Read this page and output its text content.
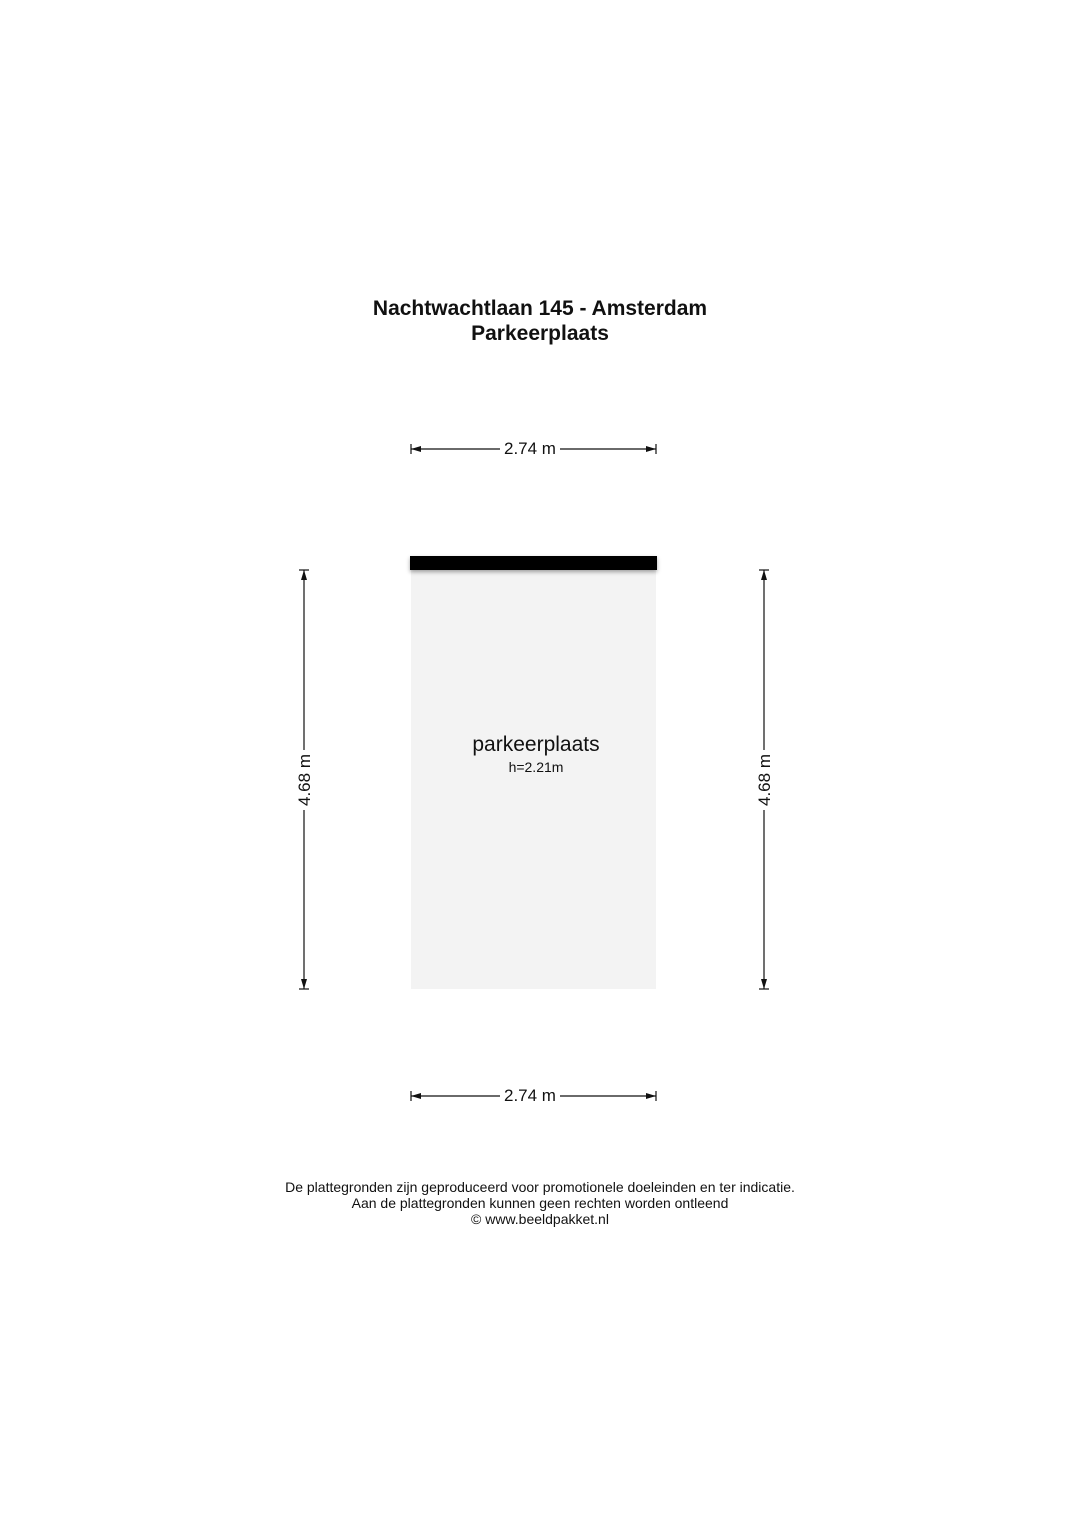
Nachtwachtlaan 145 - Amsterdam
Parkeerplaats
parkeerplaats
h=2.21m
2.74 m
2.74 m
4.68 m	4.68 m
De plattegronden zijn geproduceerd voor promotionele doeleinden en ter indicatie.
Aan de plattegronden kunnen geen rechten worden ontleend
© www.beeldpakket.nl
